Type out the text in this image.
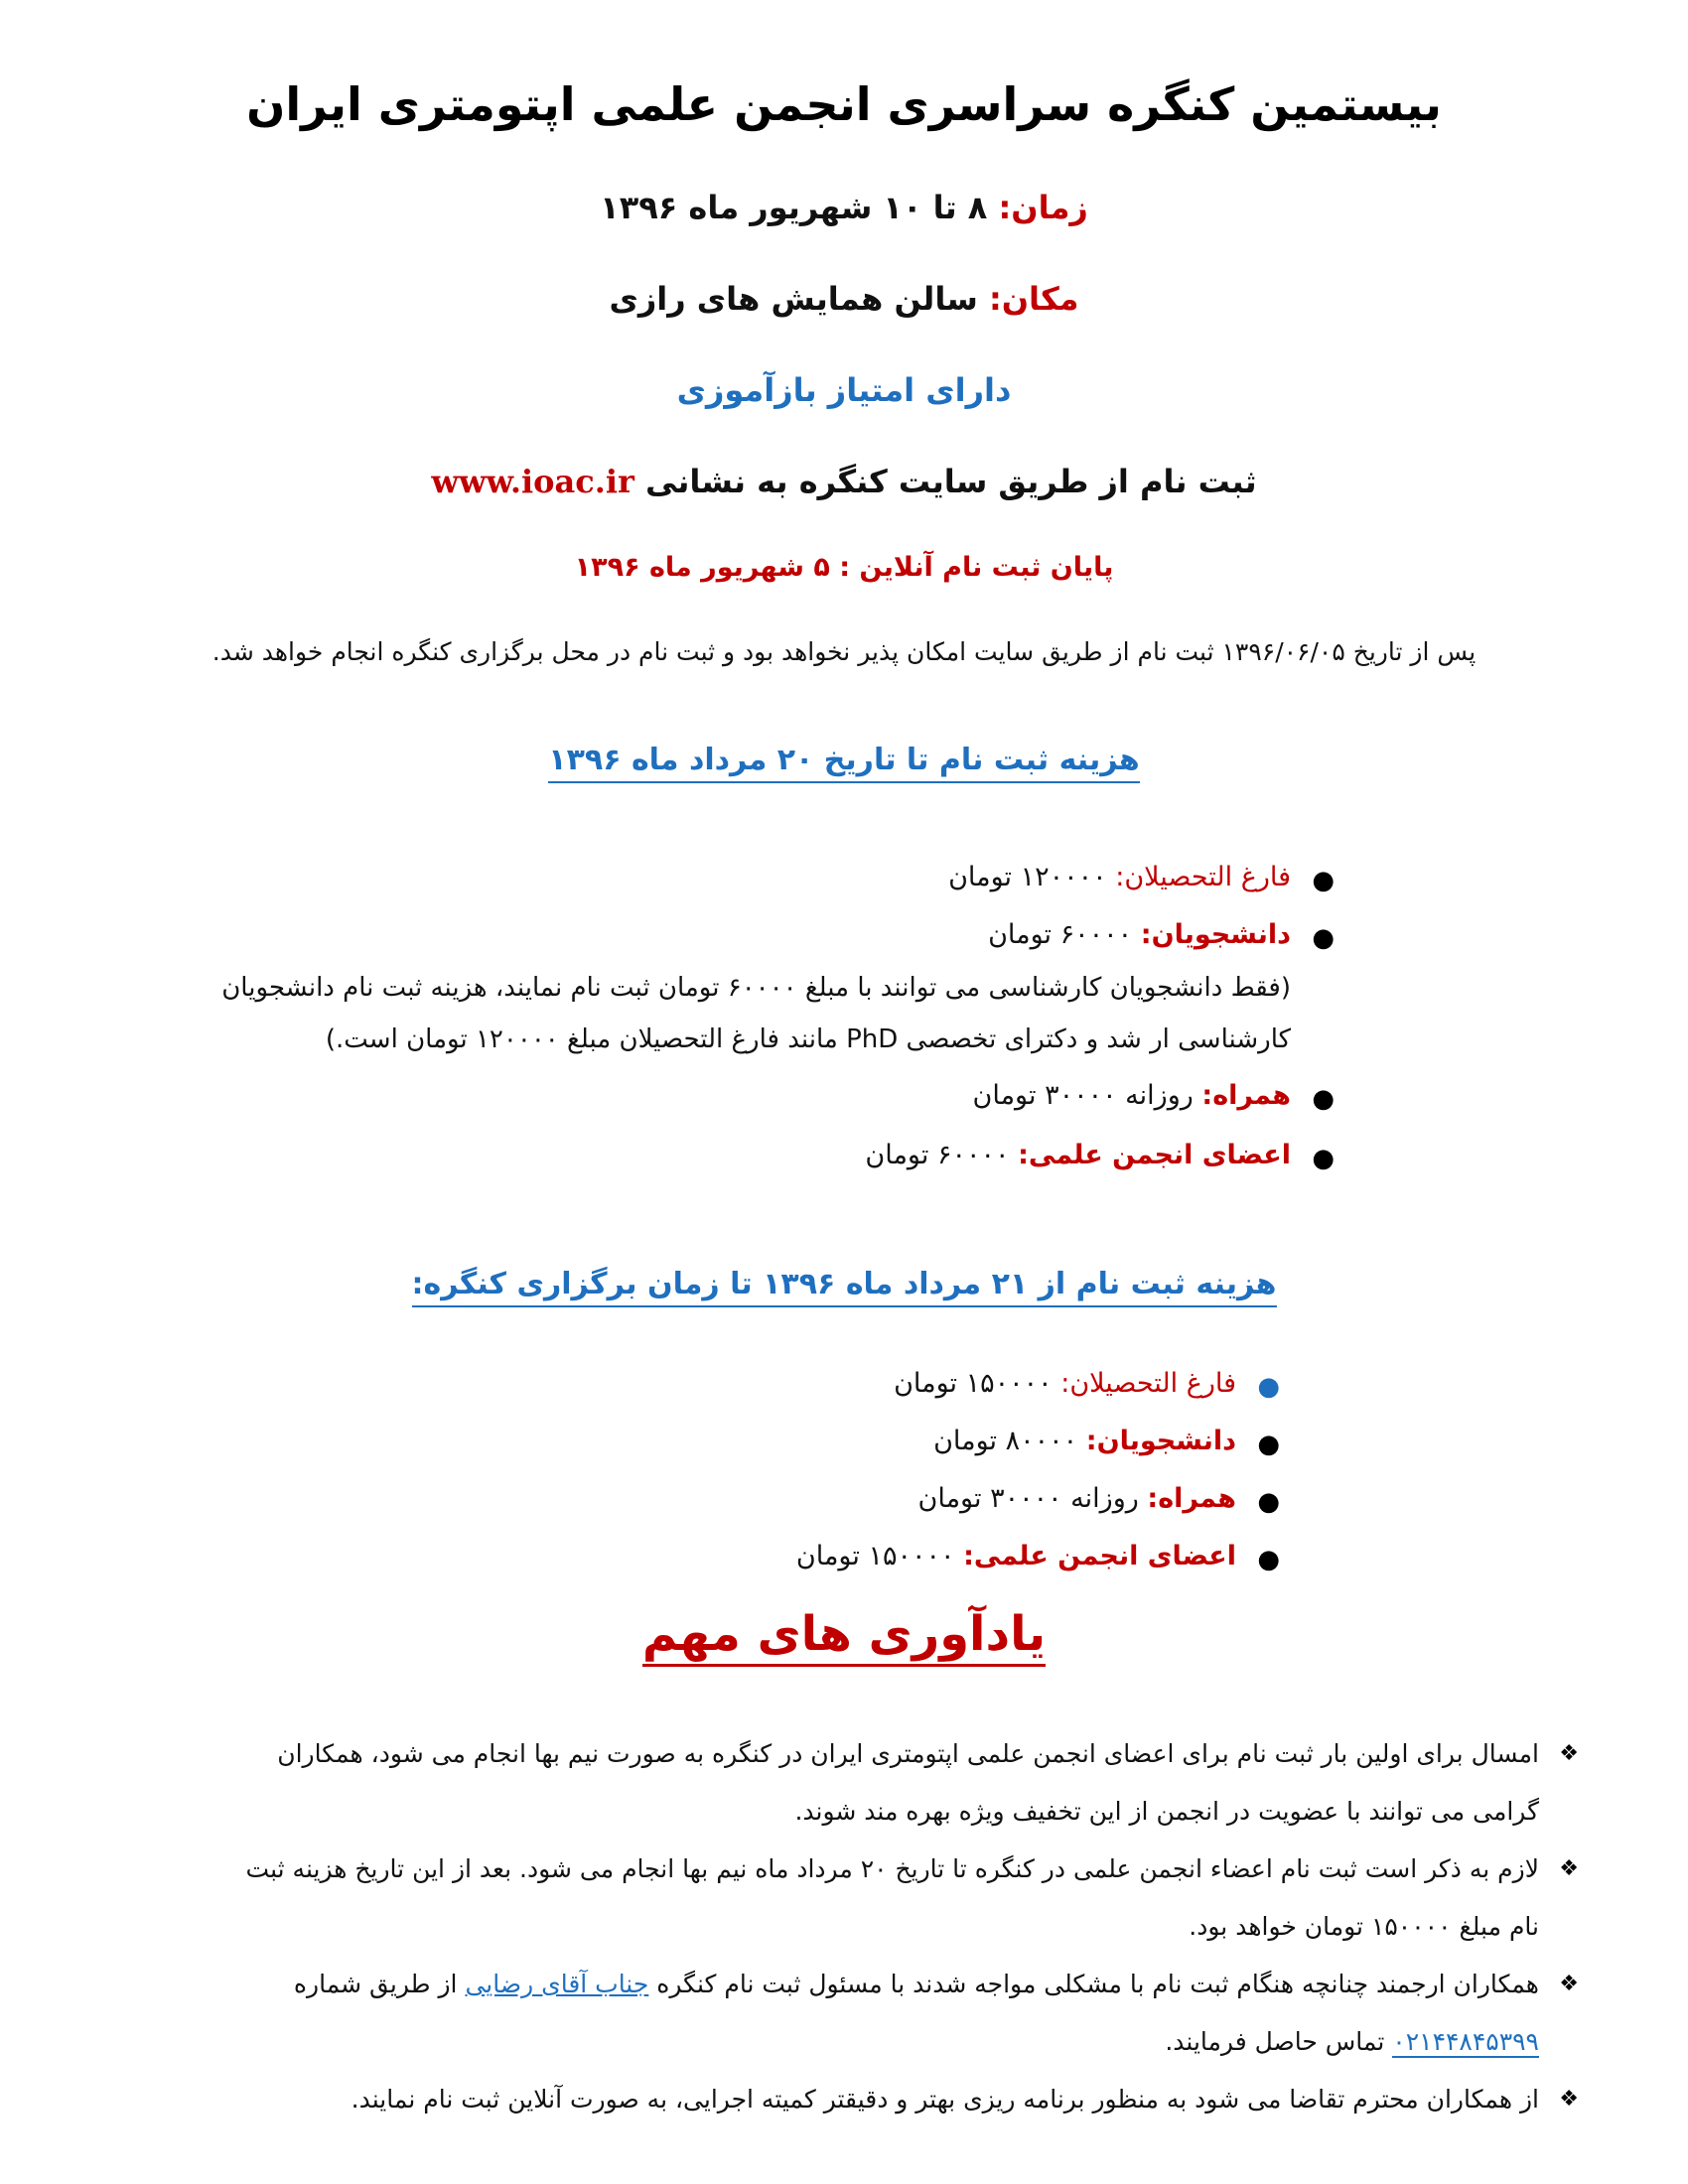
بیستمین کنگره سراسری انجمن علمی اپتومتری ایران
زمان: ۸ تا ۱۰ شهریور ماه ۱۳۹۶
مکان: سالن همایش های رازی
دارای امتیاز بازآموزی
ثبت نام از طریق سایت کنگره به نشانی www.ioac.ir
پایان ثبت نام آنلاین : ۵ شهریور ماه ۱۳۹۶
پس از تاریخ ۱۳۹۶/۰۶/۰۵ ثبت نام از طریق سایت امکان پذیر نخواهد بود و ثبت نام در محل برگزاری کنگره انجام خواهد شد.
هزینه ثبت نام تا تاریخ ۲۰ مرداد ماه ۱۳۹۶
●
فارغ التحصیلان: ۱۲۰۰۰۰ تومان
●
دانشجویان: ۶۰۰۰۰ تومان
(فقط دانشجویان کارشناسی می توانند با مبلغ ۶۰۰۰۰ تومان ثبت نام نمایند، هزینه ثبت نام دانشجویان
کارشناسی ار شد و دکترای تخصصی PhD مانند فارغ التحصیلان مبلغ ۱۲۰۰۰۰ تومان است.)
●
همراه: روزانه ۳۰۰۰۰ تومان
●
اعضای انجمن علمی: ۶۰۰۰۰ تومان
هزینه ثبت نام از ۲۱ مرداد ماه ۱۳۹۶ تا زمان برگزاری کنگره:
●
فارغ التحصیلان: ۱۵۰۰۰۰ تومان
●
دانشجویان: ۸۰۰۰۰ تومان
●
همراه: روزانه ۳۰۰۰۰ تومان
●
اعضای انجمن علمی: ۱۵۰۰۰۰ تومان
یادآوری های مهم
❖
امسال برای اولین بار ثبت نام برای اعضای انجمن علمی اپتومتری ایران در کنگره به صورت نیم بها انجام می شود، همکاران
گرامی می توانند با عضویت در انجمن از این تخفیف ویژه بهره مند شوند.
❖
لازم به ذکر است ثبت نام اعضاء انجمن علمی در کنگره تا تاریخ ۲۰ مرداد ماه نیم بها انجام می شود. بعد از این تاریخ هزینه ثبت
نام مبلغ ۱۵۰۰۰۰ تومان خواهد بود.
❖
همکاران ارجمند چنانچه هنگام ثبت نام با مشکلی مواجه شدند با مسئول ثبت نام کنگره جناب آقای رضایی از طریق شماره
۰۲۱۴۴۸۴۵۳۹۹ تماس حاصل فرمایند.
❖
از همکاران محترم تقاضا می شود به منظور برنامه ریزی بهتر و دقیقتر کمیته اجرایی، به صورت آنلاین ثبت نام نمایند.
